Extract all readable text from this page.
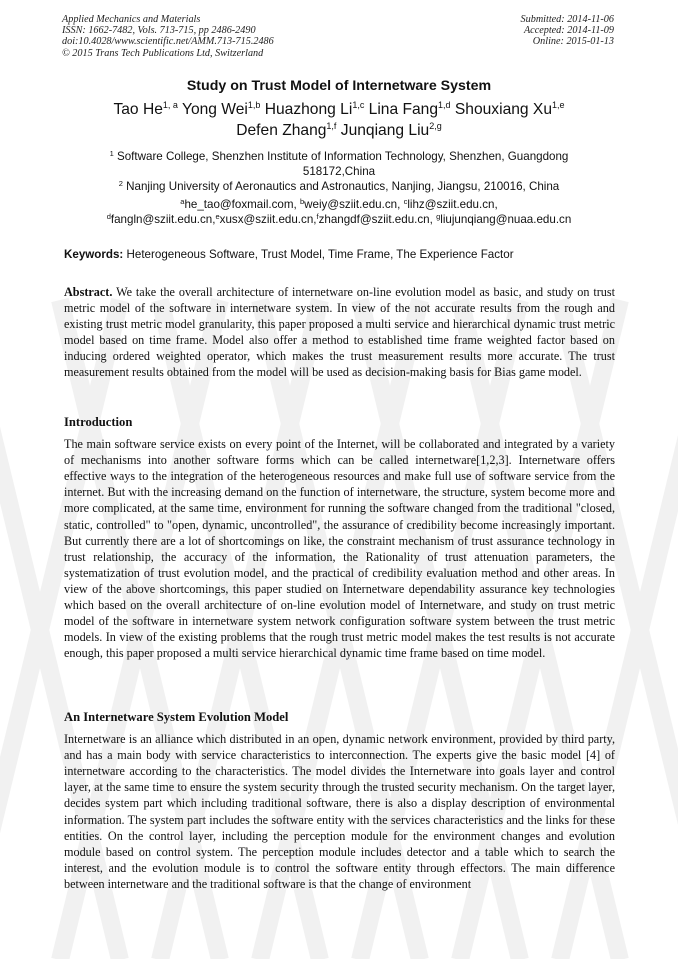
Applied Mechanics and Materials
ISSN: 1662-7482, Vols. 713-715, pp 2486-2490
doi:10.4028/www.scientific.net/AMM.713-715.2486
© 2015 Trans Tech Publications Ltd, Switzerland
Submitted: 2014-11-06
Accepted: 2014-11-09
Online: 2015-01-13
Study on Trust Model of Internetware System
Tao He$^{1, a}$ Yong Wei$^{1,b}$ Huazhong Li$^{1,c}$ Lina Fang$^{1,d}$ Shouxiang Xu$^{1,e}$
Defen Zhang$^{1,f}$ Junqiang Liu$^{2,g}$
$^1$ Software College, Shenzhen Institute of Information Technology, Shenzhen, Guangdong
518172,China
$^2$ Nanjing University of Aeronautics and Astronautics, Nanjing, Jiangsu, 210016, China
$^a$he_tao@foxmail.com, $^b$weiy@sziit.edu.cn, $^c$lihz@sziit.edu.cn,
$^d$fangln@sziit.edu.cn,$^e$xusx@sziit.edu.cn,$^f$zhangdf@sziit.edu.cn, $^g$liujunqiang@nuaa.edu.cn
Keywords: Heterogeneous Software, Trust Model, Time Frame, The Experience Factor

Abstract. We take the overall architecture of internetware on-line evolution model as basic, and study on trust metric model of the software in internetware system. In view of the not accurate results from the rough and existing trust metric model granularity, this paper proposed a multi service and hierarchical dynamic trust metric model based on time frame. Model also offer a method to established time frame weighted factor based on inducing ordered weighted operator, which makes the trust measurement results more accurate. The trust measurement results obtained from the model will be used as decision-making basis for Bias game model.

Introduction

The main software service exists on every point of the Internet, will be collaborated and integrated by a variety of mechanisms into another software forms which can be called internetware[1,2,3]. Internetware offers effective ways to the integration of the heterogeneous resources and make full use of software service from the internet. But with the increasing demand on the function of internetware, the structure, system become more and more complicated, at the same time, environment for running the software changed from the traditional "closed, static, controlled" to "open, dynamic, uncontrolled", the assurance of credibility become increasingly important. But currently there are a lot of shortcomings on like, the constraint mechanism of trust assurance technology in trust relationship, the accuracy of the information, the Rationality of trust attenuation parameters, the systematization of trust evolution model, and the practical of credibility evaluation method and other areas. In view of the above shortcomings, this paper studied on Internetware dependability assurance key technologies which based on the overall architecture of on-line evolution model of Internetware, and study on trust metric model of the software in internetware system network configuration software system between the trust metric models. In view of the existing problems that the rough trust metric model makes the test results is not accurate enough, this paper proposed a multi service hierarchical dynamic time frame based on time model.

An Internetware System Evolution Model

Internetware is an alliance which distributed in an open, dynamic network environment, provided by third party, and has a main body with service characteristics to interconnection. The experts give the basic model [4] of internetware according to the characteristics. The model divides the Internetware into goals layer and control layer, at the same time to ensure the system security through the trusted security mechanism. On the target layer, decides system part which including traditional software, there is also a display description of environmental information. The system part includes the software entity with the services characteristics and the links for these entities. On the control layer, including the perception module for the environment changes and evolution module based on control system. The perception module includes detector and a table which to search the interest, and the evolution module is to control the software entity through effectors. The main difference between internetware and the traditional software is that the change of environment
